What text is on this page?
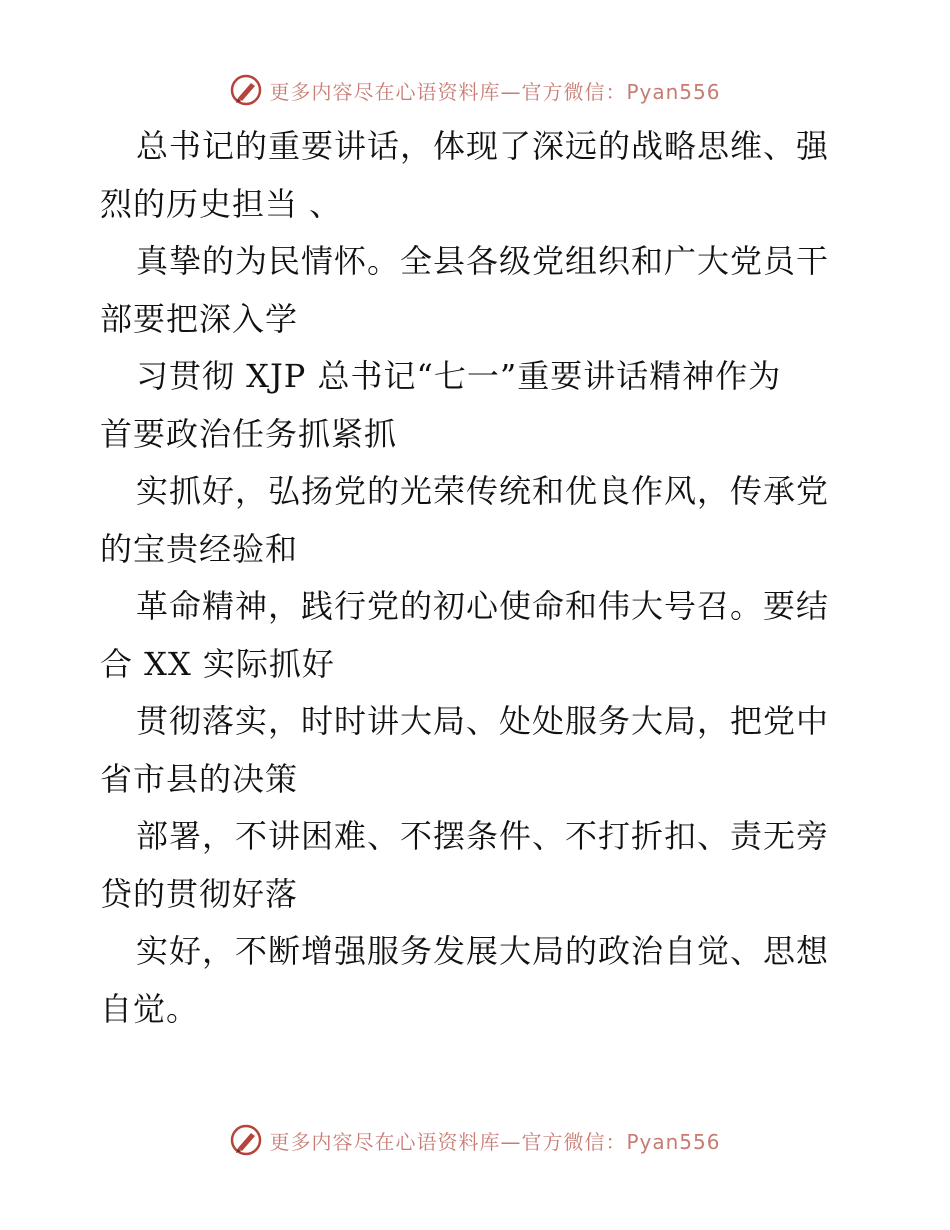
更多内容尽在心语资料库—官方微信：Pyan556
总书记的重要讲话，体现了深远的战略思维、强
烈的历史担当 、
真挚的为民情怀。全县各级党组织和广大党员干
部要把深入学
习贯彻 XJP 总书记“七一”重要讲话精神作为
首要政治任务抓紧抓
实抓好，弘扬党的光荣传统和优良作风，传承党
的宝贵经验和
革命精神，践行党的初心使命和伟大号召。要结
合 XX 实际抓好
贯彻落实，时时讲大局、处处服务大局，把党中
省市县的决策
部署，不讲困难、不摆条件、不打折扣、责无旁
贷的贯彻好落
实好，不断增强服务发展大局的政治自觉、思想
自觉。
更多内容尽在心语资料库—官方微信：Pyan556
